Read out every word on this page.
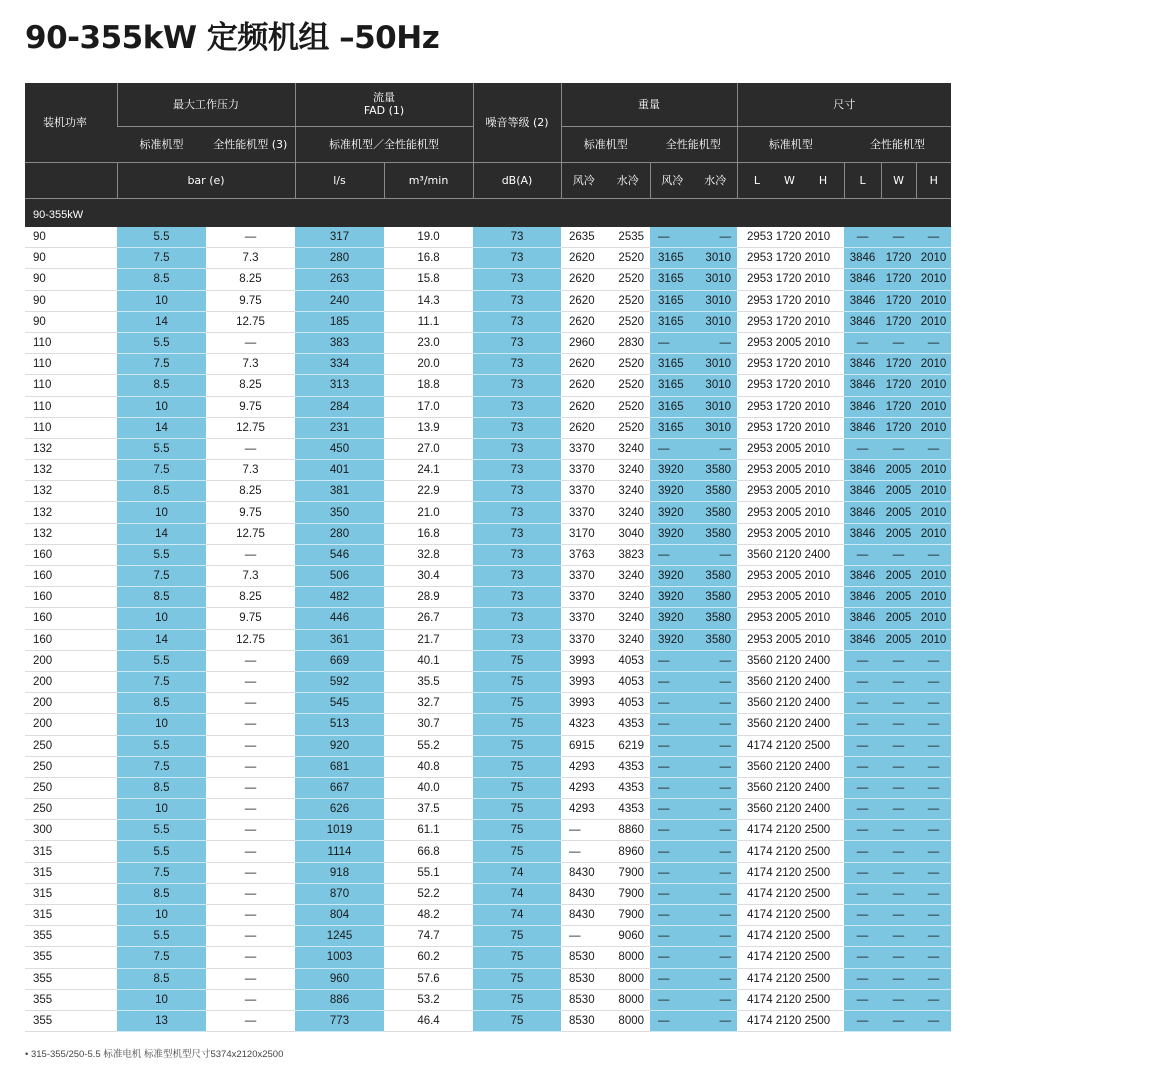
90-355kW 定频机组 –50Hz
装机功率	最大工作压力		流量
FAD (1)		噪音等级 (2)	重量				尺寸			
	标准机型	全性能机型 (3)	标准机型／全性能机型			标准机型		全性能机型		标准机型	全性能机型		
	bar (e)		l/s	m³/min	dB(A)	风冷	水冷	风冷	水冷	L W H	L	W	H
90-355kW													
90	5.5	—	317	19.0	73	2635	2535	—	—	2953 1720 2010	—	—	—
90	7.5	7.3	280	16.8	73	2620	2520	3165	3010	2953 1720 2010	3846	1720	2010
90	8.5	8.25	263	15.8	73	2620	2520	3165	3010	2953 1720 2010	3846	1720	2010
90	10	9.75	240	14.3	73	2620	2520	3165	3010	2953 1720 2010	3846	1720	2010
90	14	12.75	185	11.1	73	2620	2520	3165	3010	2953 1720 2010	3846	1720	2010
110	5.5	—	383	23.0	73	2960	2830	—	—	2953 2005 2010	—	—	—
110	7.5	7.3	334	20.0	73	2620	2520	3165	3010	2953 1720 2010	3846	1720	2010
110	8.5	8.25	313	18.8	73	2620	2520	3165	3010	2953 1720 2010	3846	1720	2010
110	10	9.75	284	17.0	73	2620	2520	3165	3010	2953 1720 2010	3846	1720	2010
110	14	12.75	231	13.9	73	2620	2520	3165	3010	2953 1720 2010	3846	1720	2010
132	5.5	—	450	27.0	73	3370	3240	—	—	2953 2005 2010	—	—	—
132	7.5	7.3	401	24.1	73	3370	3240	3920	3580	2953 2005 2010	3846	2005	2010
132	8.5	8.25	381	22.9	73	3370	3240	3920	3580	2953 2005 2010	3846	2005	2010
132	10	9.75	350	21.0	73	3370	3240	3920	3580	2953 2005 2010	3846	2005	2010
132	14	12.75	280	16.8	73	3170	3040	3920	3580	2953 2005 2010	3846	2005	2010
160	5.5	—	546	32.8	73	3763	3823	—	—	3560 2120 2400	—	—	—
160	7.5	7.3	506	30.4	73	3370	3240	3920	3580	2953 2005 2010	3846	2005	2010
160	8.5	8.25	482	28.9	73	3370	3240	3920	3580	2953 2005 2010	3846	2005	2010
160	10	9.75	446	26.7	73	3370	3240	3920	3580	2953 2005 2010	3846	2005	2010
160	14	12.75	361	21.7	73	3370	3240	3920	3580	2953 2005 2010	3846	2005	2010
200	5.5	—	669	40.1	75	3993	4053	—	—	3560 2120 2400	—	—	—
200	7.5	—	592	35.5	75	3993	4053	—	—	3560 2120 2400	—	—	—
200	8.5	—	545	32.7	75	3993	4053	—	—	3560 2120 2400	—	—	—
200	10	—	513	30.7	75	4323	4353	—	—	3560 2120 2400	—	—	—
250	5.5	—	920	55.2	75	6915	6219	—	—	4174 2120 2500	—	—	—
250	7.5	—	681	40.8	75	4293	4353	—	—	3560 2120 2400	—	—	—
250	8.5	—	667	40.0	75	4293	4353	—	—	3560 2120 2400	—	—	—
250	10	—	626	37.5	75	4293	4353	—	—	3560 2120 2400	—	—	—
300	5.5	—	1019	61.1	75	—	8860	—	—	4174 2120 2500	—	—	—
315	5.5	—	1114	66.8	75	—	8960	—	—	4174 2120 2500	—	—	—
315	7.5	—	918	55.1	74	8430	7900	—	—	4174 2120 2500	—	—	—
315	8.5	—	870	52.2	74	8430	7900	—	—	4174 2120 2500	—	—	—
315	10	—	804	48.2	74	8430	7900	—	—	4174 2120 2500	—	—	—
355	5.5	—	1245	74.7	75	—	9060	—	—	4174 2120 2500	—	—	—
355	7.5	—	1003	60.2	75	8530	8000	—	—	4174 2120 2500	—	—	—
355	8.5	—	960	57.6	75	8530	8000	—	—	4174 2120 2500	—	—	—
355	10	—	886	53.2	75	8530	8000	—	—	4174 2120 2500	—	—	—
355	13	—	773	46.4	75	8530	8000	—	—	4174 2120 2500	—	—	—
• 315-355/250-5.5 标准电机 标准型机型尺寸5374x2120x2500
